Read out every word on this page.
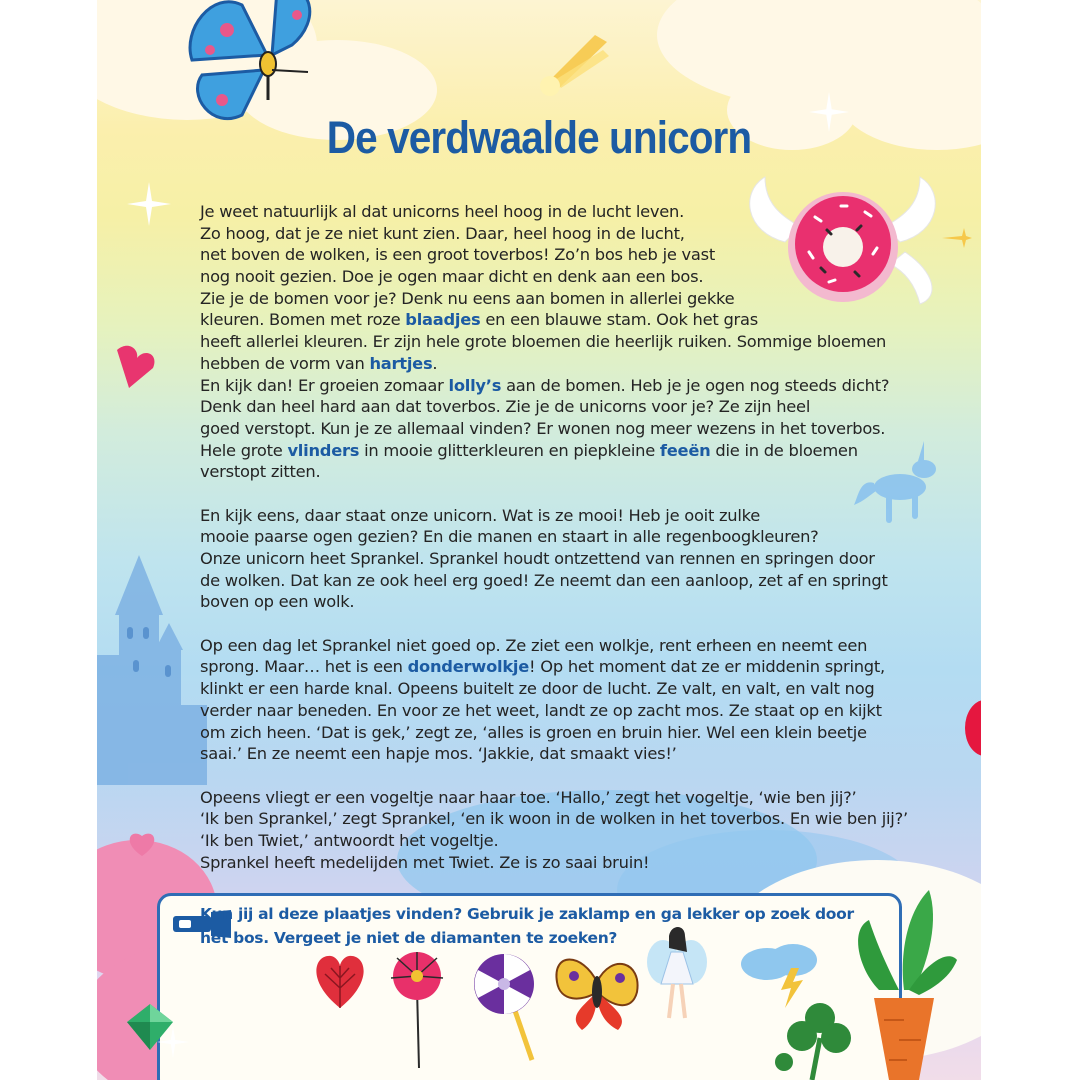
De verdwaalde unicorn
Je weet natuurlijk al dat unicorns heel hoog in de lucht leven.
Zo hoog, dat je ze niet kunt zien. Daar, heel hoog in de lucht,
net boven de wolken, is een groot toverbos! Zo’n bos heb je vast
nog nooit gezien. Doe je ogen maar dicht en denk aan een bos.
Zie je de bomen voor je? Denk nu eens aan bomen in allerlei gekke
kleuren. Bomen met roze blaadjes en een blauwe stam. Ook het gras
heeft allerlei kleuren. Er zijn hele grote bloemen die heerlijk ruiken. Sommige bloemen
hebben de vorm van hartjes.
En kijk dan! Er groeien zomaar lolly’s aan de bomen. Heb je je ogen nog steeds dicht?
Denk dan heel hard aan dat toverbos. Zie je de unicorns voor je? Ze zijn heel
goed verstopt. Kun je ze allemaal vinden? Er wonen nog meer wezens in het toverbos.
Hele grote vlinders in mooie glitterkleuren en piepkleine feeën die in de bloemen
verstopt zitten.
En kijk eens, daar staat onze unicorn. Wat is ze mooi! Heb je ooit zulke
mooie paarse ogen gezien? En die manen en staart in alle regenboogkleuren?
Onze unicorn heet Sprankel. Sprankel houdt ontzettend van rennen en springen door
de wolken. Dat kan ze ook heel erg goed! Ze neemt dan een aanloop, zet af en springt
boven op een wolk.
Op een dag let Sprankel niet goed op. Ze ziet een wolkje, rent erheen en neemt een
sprong. Maar… het is een donderwolkje! Op het moment dat ze er middenin springt,
klinkt er een harde knal. Opeens buitelt ze door de lucht. Ze valt, en valt, en valt nog
verder naar beneden. En voor ze het weet, landt ze op zacht mos. Ze staat op en kijkt
om zich heen. ‘Dat is gek,’ zegt ze, ‘alles is groen en bruin hier. Wel een klein beetje
saai.’ En ze neemt een hapje mos. ‘Jakkie, dat smaakt vies!’
Opeens vliegt er een vogeltje naar haar toe. ‘Hallo,’ zegt het vogeltje, ‘wie ben jij?’
‘Ik ben Sprankel,’ zegt Sprankel, ‘en ik woon in de wolken in het toverbos. En wie ben jij?’
‘Ik ben Twiet,’ antwoordt het vogeltje.
Sprankel heeft medelijden met Twiet. Ze is zo saai bruin!
Kun jij al deze plaatjes vinden? Gebruik je zaklamp en ga lekker op zoek door
het bos. Vergeet je niet de diamanten te zoeken?
